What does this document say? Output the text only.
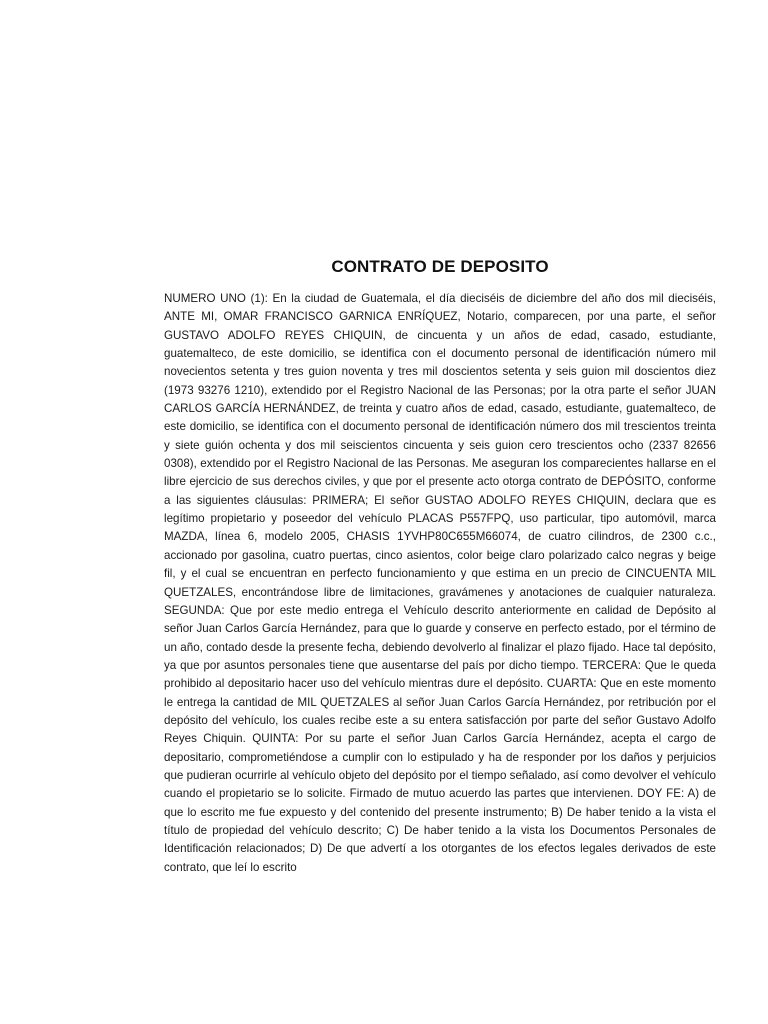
CONTRATO DE DEPOSITO

NUMERO UNO (1): En la ciudad de Guatemala, el día dieciséis de diciembre del año dos mil dieciséis, ANTE MI, OMAR FRANCISCO GARNICA ENRÍQUEZ, Notario, comparecen, por una parte, el señor GUSTAVO ADOLFO REYES CHIQUIN, de cincuenta y un años de edad, casado, estudiante, guatemalteco, de este domicilio, se identifica con el documento personal de identificación número mil novecientos setenta y tres guion noventa y tres mil doscientos setenta y seis guion mil doscientos diez (1973 93276 1210), extendido por el Registro Nacional de las Personas; por la otra parte el señor JUAN CARLOS GARCÍA HERNÁNDEZ, de treinta y cuatro años de edad, casado, estudiante, guatemalteco, de este domicilio, se identifica con el documento personal de identificación número dos mil trescientos treinta y siete guión ochenta y dos mil seiscientos cincuenta y seis guion cero trescientos ocho (2337 82656 0308), extendido por el Registro Nacional de las Personas. Me aseguran los comparecientes hallarse en el libre ejercicio de sus derechos civiles, y que por el presente acto otorga contrato de DEPÓSITO, conforme a las siguientes cláusulas: PRIMERA; El señor GUSTAO ADOLFO REYES CHIQUIN, declara que es legítimo propietario y poseedor del vehículo PLACAS P557FPQ, uso particular, tipo automóvil, marca MAZDA, línea 6, modelo 2005, CHASIS 1YVHP80C655M66074, de cuatro cilindros, de 2300 c.c., accionado por gasolina, cuatro puertas, cinco asientos, color beige claro polarizado calco negras y beige fil, y el cual se encuentran en perfecto funcionamiento y que estima en un precio de CINCUENTA MIL QUETZALES, encontrándose libre de limitaciones, gravámenes y anotaciones de cualquier naturaleza. SEGUNDA: Que por este medio entrega el Vehículo descrito anteriormente en calidad de Depósito al señor Juan Carlos García Hernández, para que lo guarde y conserve en perfecto estado, por el término de un año, contado desde la presente fecha, debiendo devolverlo al finalizar el plazo fijado. Hace tal depósito, ya que por asuntos personales tiene que ausentarse del país por dicho tiempo. TERCERA: Que le queda prohibido al depositario hacer uso del vehículo mientras dure el depósito. CUARTA: Que en este momento le entrega la cantidad de MIL QUETZALES al señor Juan Carlos García Hernández, por retribución por el depósito del vehículo, los cuales recibe este a su entera satisfacción por parte del señor Gustavo Adolfo Reyes Chiquin. QUINTA: Por su parte el señor Juan Carlos García Hernández, acepta el cargo de depositario, comprometiéndose a cumplir con lo estipulado y ha de responder por los daños y perjuicios que pudieran ocurrirle al vehículo objeto del depósito por el tiempo señalado, así como devolver el vehículo cuando el propietario se lo solicite. Firmado de mutuo acuerdo las partes que intervienen. DOY FE: A) de que lo escrito me fue expuesto y del contenido del presente instrumento; B) De haber tenido a la vista el título de propiedad del vehículo descrito; C) De haber tenido a la vista los Documentos Personales de Identificación relacionados; D) De que advertí a los otorgantes de los efectos legales derivados de este contrato, que leí lo escrito
